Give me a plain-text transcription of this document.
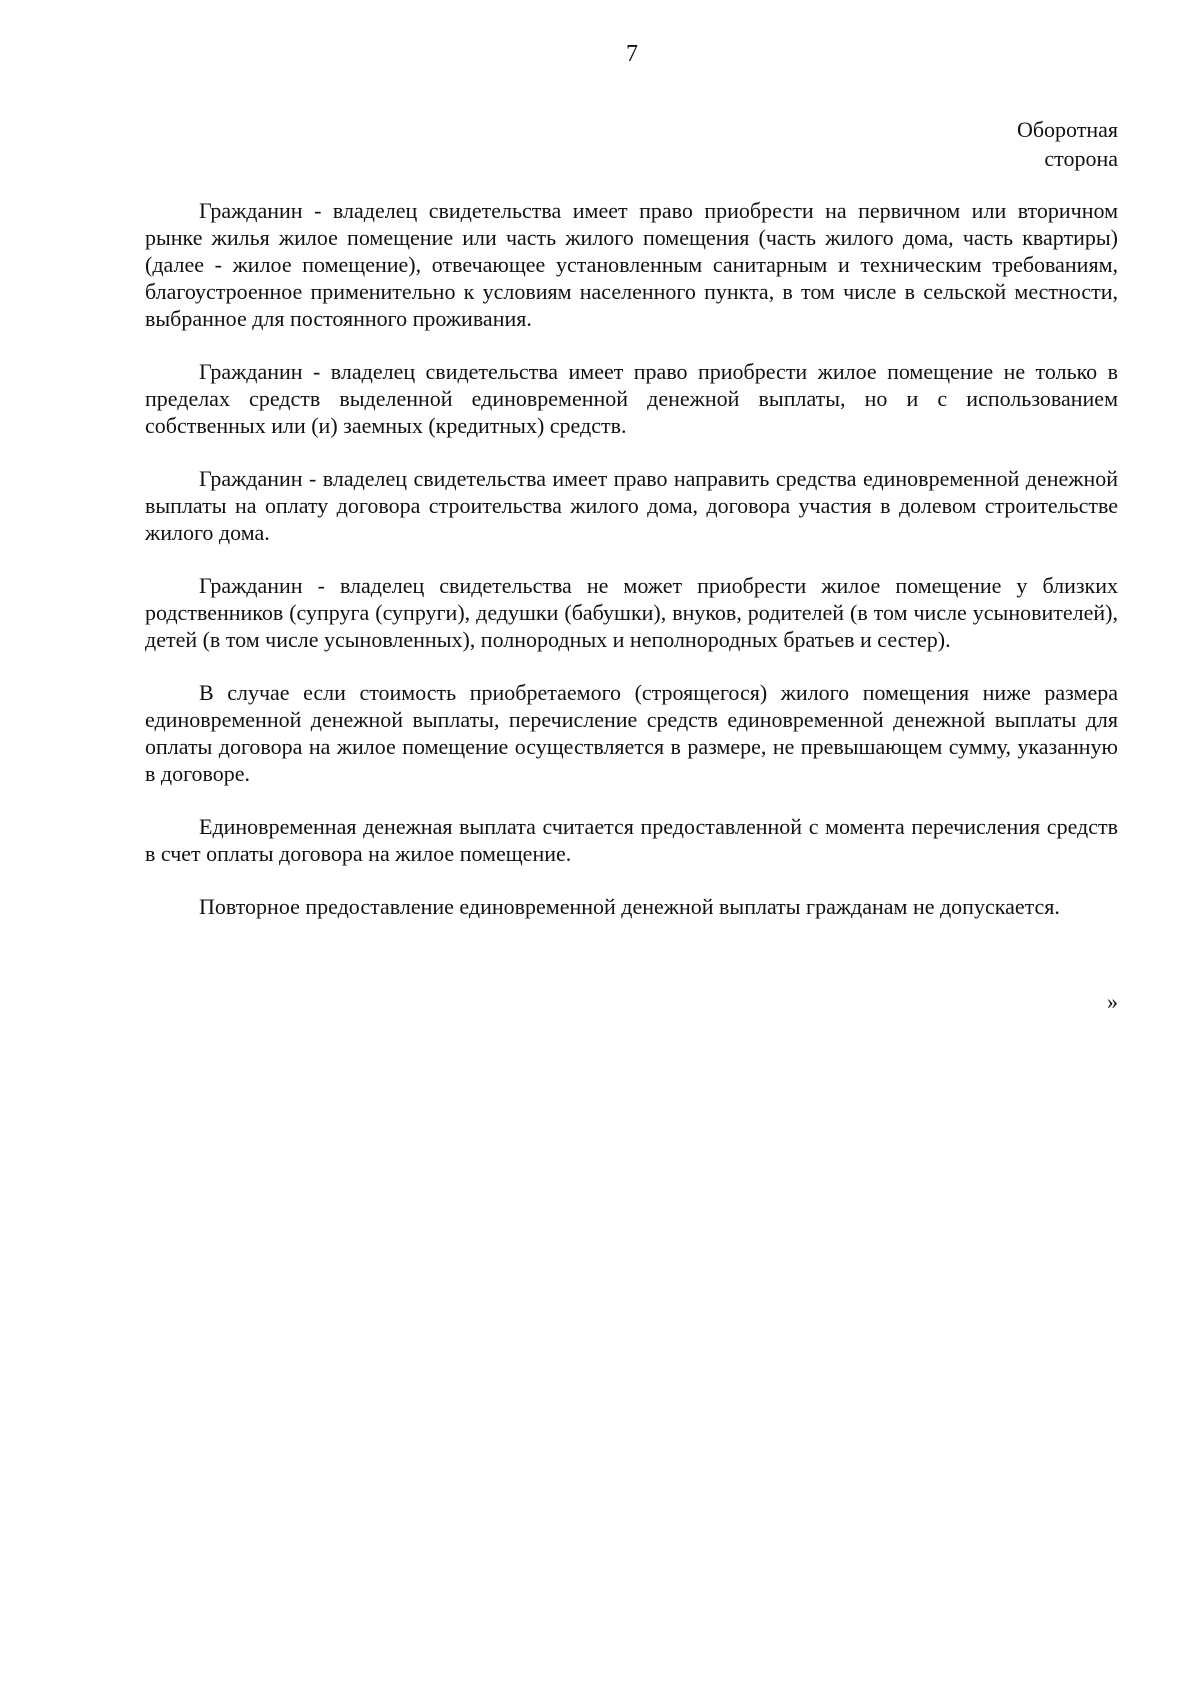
7
Оборотная
сторона

Гражданин - владелец свидетельства имеет право приобрести на первичном или вторичном рынке жилья жилое помещение или часть жилого помещения (часть жилого дома, часть квартиры) (далее - жилое помещение), отвечающее установленным санитарным и техническим требованиям, благоустроенное применительно к условиям населенного пункта, в том числе в сельской местности, выбранное для постоянного проживания.

Гражданин - владелец свидетельства имеет право приобрести жилое помещение не только в пределах средств выделенной единовременной денежной выплаты, но и с использованием собственных или (и) заемных (кредитных) средств.

Гражданин - владелец свидетельства имеет право направить средства единовременной денежной выплаты на оплату договора строительства жилого дома, договора участия в долевом строительстве жилого дома.

Гражданин - владелец свидетельства не может приобрести жилое помещение у близких родственников (супруга (супруги), дедушки (бабушки), внуков, родителей (в том числе усыновителей), детей (в том числе усыновленных), полнородных и неполнородных братьев и сестер).

В случае если стоимость приобретаемого (строящегося) жилого помещения ниже размера единовременной денежной выплаты, перечисление средств единовременной денежной выплаты для оплаты договора на жилое помещение осуществляется в размере, не превышающем сумму, указанную в договоре.

Единовременная денежная выплата считается предоставленной с момента перечисления средств в счет оплаты договора на жилое помещение.

Повторное предоставление единовременной денежной выплаты гражданам не допускается.

»
